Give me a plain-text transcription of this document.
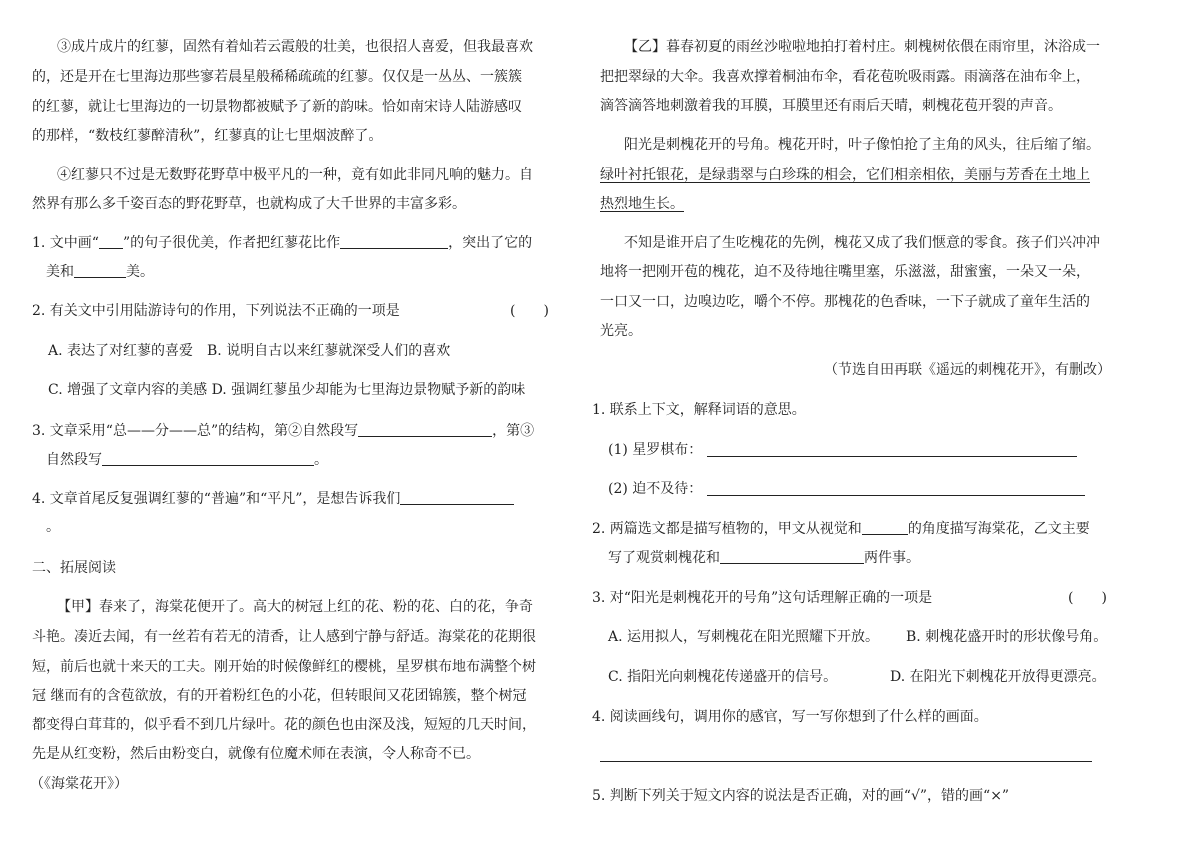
③成片成片的红蓼，固然有着灿若云霞般的壮美，也很招人喜爱，但我最喜欢
的，还是开在七里海边那些寥若晨星般稀稀疏疏的红蓼。仅仅是一丛丛、一簇簇
的红蓼，就让七里海边的一切景物都被赋予了新的韵味。恰如南宋诗人陆游感叹
的那样，“数枝红蓼醉清秋”，红蓼真的让七里烟波醉了。
④红蓼只不过是无数野花野草中极平凡的一种，竟有如此非同凡响的魅力。自
然界有那么多千姿百态的野花野草，也就构成了大千世界的丰富多彩。
1. 文中画“ ”的句子很优美，作者把红蓼花比作	，突出了它的
美和	美。
2. 有关文中引用陆游诗句的作用，下列说法不正确的一项是	(　　)
A. 表达了对红蓼的喜爱　B. 说明自古以来红蓼就深受人们的喜欢
C. 增强了文章内容的美感 D. 强调红蓼虽少却能为七里海边景物赋予新的韵味
3. 文章采用“总——分——总”的结构，第②自然段写	，第③
自然段写	。
4. 文章首尾反复强调红蓼的“普遍”和“平凡”，是想告诉我们
。
二、拓展阅读
【甲】春来了，海棠花便开了。高大的树冠上红的花、粉的花、白的花，争奇
斗艳。凑近去闻，有一丝若有若无的清香，让人感到宁静与舒适。海棠花的花期很
短，前后也就十来天的工夫。刚开始的时候像鲜红的樱桃，星罗棋布地布满整个树
冠 继而有的含苞欲放，有的开着粉红色的小花，但转眼间又花团锦簇，整个树冠
都变得白茸茸的，似乎看不到几片绿叶。花的颜色也由深及浅，短短的几天时间，
先是从红变粉，然后由粉变白，就像有位魔术师在表演，令人称奇不已。
（《海棠花开》）
【乙】暮春初夏的雨丝沙啦啦地拍打着村庄。刺槐树依偎在雨帘里，沐浴成一
把把翠绿的大伞。我喜欢撑着桐油布伞，看花苞吮吸雨露。雨滴落在油布伞上，
滴答滴答地刺激着我的耳膜，耳膜里还有雨后天晴，刺槐花苞开裂的声音。
阳光是刺槐花开的号角。槐花开时，叶子像怕抢了主角的风头，往后缩了缩。
绿叶衬托银花，是绿翡翠与白珍珠的相会，它们相亲相依，美丽与芳香在土地上
热烈地生长。
不知是谁开启了生吃槐花的先例，槐花又成了我们惬意的零食。孩子们兴冲冲
地将一把刚开苞的槐花，迫不及待地往嘴里塞，乐滋滋，甜蜜蜜，一朵又一朵，
一口又一口，边嗅边吃，嚼个不停。那槐花的色香味，一下子就成了童年生活的
光亮。
（节选自田再联《遥远的刺槐花开》，有删改）
1. 联系上下文，解释词语的意思。
(1) 星罗棋布：
(2) 迫不及待：
2. 两篇选文都是描写植物的，甲文从视觉和	的角度描写海棠花，乙文主要
写了观赏刺槐花和	两件事。
3. 对“阳光是刺槐花开的号角”这句话理解正确的一项是	(　　)
A. 运用拟人，写刺槐花在阳光照耀下开放。 B. 刺槐花盛开时的形状像号角。
C. 指阳光向刺槐花传递盛开的信号。	D. 在阳光下刺槐花开放得更漂亮。
4. 阅读画线句，调用你的感官，写一写你想到了什么样的画面。
5. 判断下列关于短文内容的说法是否正确，对的画“√”，错的画“×”
